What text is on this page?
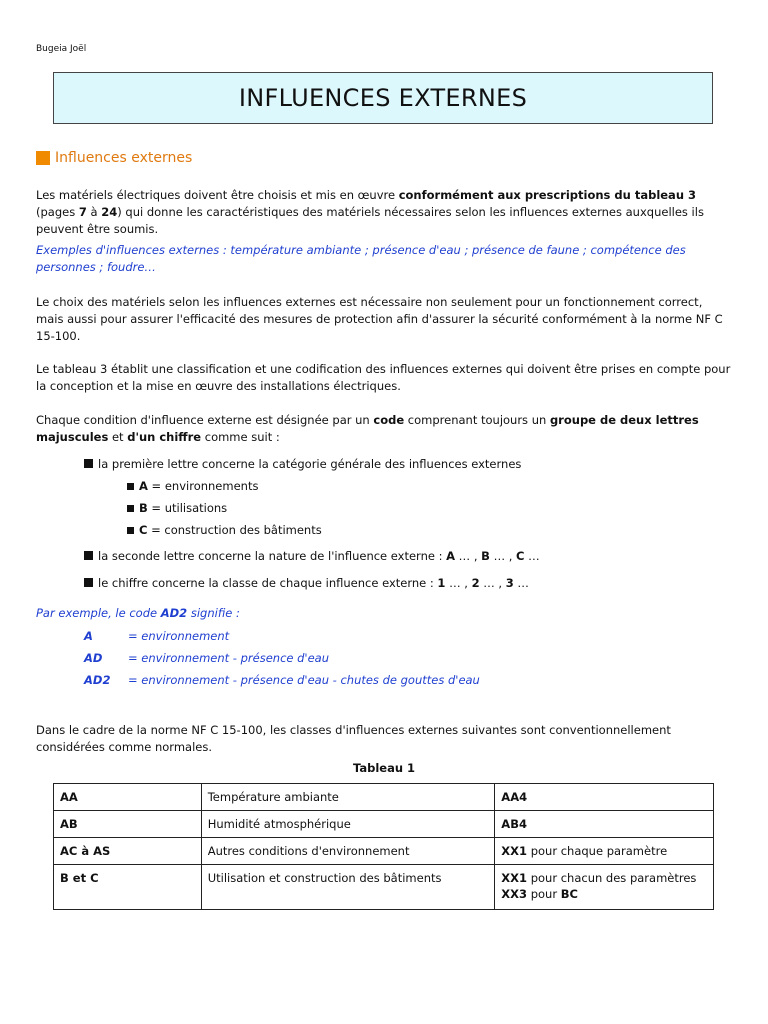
Bugeia Joël
INFLUENCES EXTERNES
Influences externes

Les matériels électriques doivent être choisis et mis en œuvre conformément aux prescriptions du tableau 3 (pages 7 à 24) qui donne les caractéristiques des matériels nécessaires selon les influences externes auxquelles ils peuvent être soumis.

Exemples d'influences externes : température ambiante ; présence d'eau ; présence de faune ; compétence des personnes ; foudre…

Le choix des matériels selon les influences externes est nécessaire non seulement pour un fonctionnement correct, mais aussi pour assurer l'efficacité des mesures de protection afin d'assurer la sécurité conformément à la norme NF C 15-100.

Le tableau 3 établit une classification et une codification des influences externes qui doivent être prises en compte pour la conception et la mise en œuvre des installations électriques.

Chaque condition d'influence externe est désignée par un code comprenant toujours un groupe de deux lettres majuscules et d'un chiffre comme suit :

la première lettre concerne la catégorie générale des influences externes
A = environnements
B = utilisations
C = construction des bâtiments
la seconde lettre concerne la nature de l'influence externe : A … , B … , C …
le chiffre concerne la classe de chaque influence externe : 1 … , 2 … , 3 …
Par exemple, le code AD2 signifie :
A	= environnement
AD = environnement - présence d'eau
AD2 = environnement - présence d'eau - chutes de gouttes d'eau

Dans le cadre de la norme NF C 15-100, les classes d'influences externes suivantes sont conventionnellement considérées comme normales.

Tableau 1
AA	Température ambiante	AA4
AB	Humidité atmosphérique	AB4
AC à AS	Autres conditions d'environnement	XX1 pour chaque paramètre
B et C	Utilisation et construction des bâtiments	XX1 pour chacun des paramètres
XX3 pour BC
